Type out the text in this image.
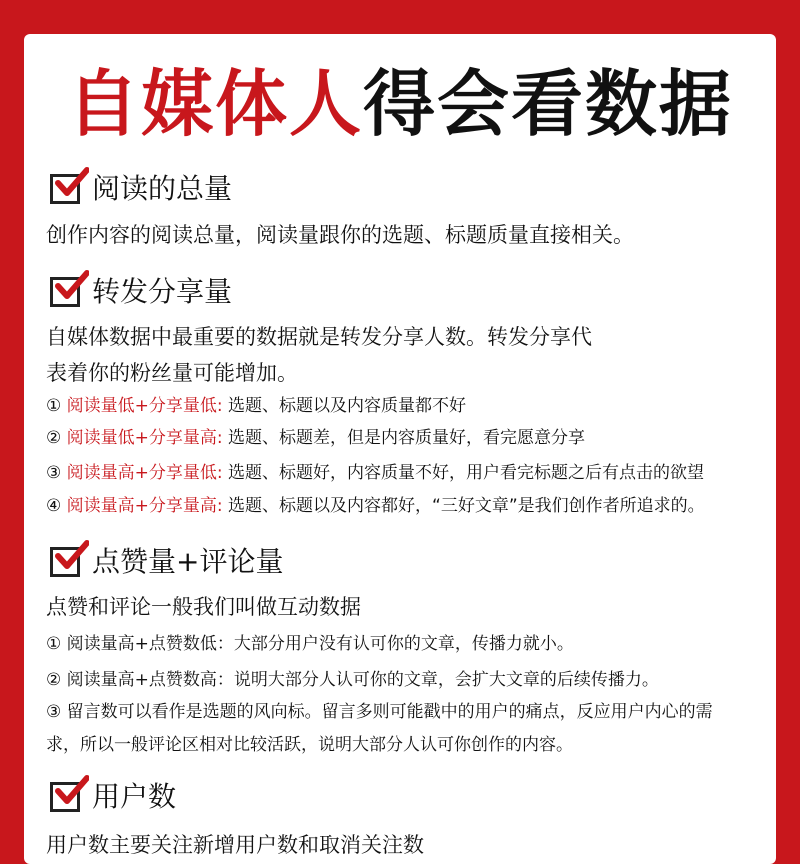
自媒体人得会看数据
阅读的总量
创作内容的阅读总量，阅读量跟你的选题、标题质量直接相关。
转发分享量
自媒体数据中最重要的数据就是转发分享人数。转发分享代
表着你的粉丝量可能增加。
① 阅读量低+分享量低: 选题、标题以及内容质量都不好
② 阅读量低+分享量高: 选题、标题差，但是内容质量好，看完愿意分享
③ 阅读量高+分享量低: 选题、标题好，内容质量不好，用户看完标题之后有点击的欲望
④ 阅读量高+分享量高: 选题、标题以及内容都好，“三好文章”是我们创作者所追求的。
点赞量+评论量
点赞和评论一般我们叫做互动数据
① 阅读量高+点赞数低：大部分用户没有认可你的文章，传播力就小。
② 阅读量高+点赞数高：说明大部分人认可你的文章，会扩大文章的后续传播力。
③ 留言数可以看作是选题的风向标。留言多则可能戳中的用户的痛点，反应用户内心的需
求，所以一般评论区相对比较活跃，说明大部分人认可你创作的内容。
用户数
用户数主要关注新增用户数和取消关注数
